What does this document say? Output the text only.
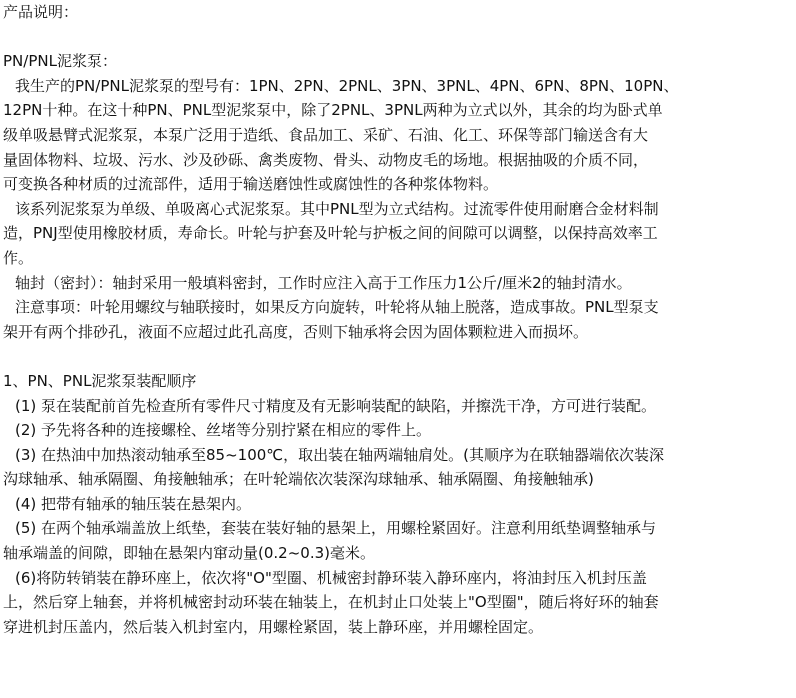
产品说明：
PN/PNL泥浆泵：
我生产的PN/PNL泥浆泵的型号有：1PN、2PN、2PNL、3PN、3PNL、4PN、6PN、8PN、10PN、
12PN十种。在这十种PN、PNL型泥浆泵中，除了2PNL、3PNL两种为立式以外，其余的均为卧式单
级单吸悬臂式泥浆泵，本泵广泛用于造纸、食品加工、采矿、石油、化工、环保等部门输送含有大
量固体物料、垃圾、污水、沙及砂砾、禽类废物、骨头、动物皮毛的场地。根据抽吸的介质不同，
可变换各种材质的过流部件，适用于输送磨蚀性或腐蚀性的各种浆体物料。
该系列泥浆泵为单级、单吸离心式泥浆泵。其中PNL型为立式结构。过流零件使用耐磨合金材料制
造，PNJ型使用橡胶材质，寿命长。叶轮与护套及叶轮与护板之间的间隙可以调整，以保持高效率工
作。
轴封（密封）：轴封采用一般填料密封，工作时应注入高于工作压力1公斤/厘米2的轴封清水。
注意事项：叶轮用螺纹与轴联接时，如果反方向旋转，叶轮将从轴上脱落，造成事故。PNL型泵支
架开有两个排砂孔，液面不应超过此孔高度，否则下轴承将会因为固体颗粒进入而损坏。
1、PN、PNL泥浆泵装配顺序
(1) 泵在装配前首先检查所有零件尺寸精度及有无影响装配的缺陷，并擦洗干净，方可进行装配。
(2) 予先将各种的连接螺栓、丝堵等分别拧紧在相应的零件上。
(3) 在热油中加热滚动轴承至85~100℃，取出装在轴两端轴肩处。(其顺序为在联轴器端依次装深
沟球轴承、轴承隔圈、角接触轴承；在叶轮端依次装深沟球轴承、轴承隔圈、角接触轴承)
(4) 把带有轴承的轴压装在悬架内。
(5) 在两个轴承端盖放上纸垫，套装在装好轴的悬架上，用螺栓紧固好。注意利用纸垫调整轴承与
轴承端盖的间隙，即轴在悬架内窜动量(0.2~0.3)毫米。
(6)将防转销装在静环座上，依次将"O"型圈、机械密封静环装入静环座内，将油封压入机封压盖
上，然后穿上轴套，并将机械密封动环装在轴装上，在机封止口处装上"O型圈"，随后将好环的轴套
穿进机封压盖内，然后装入机封室内，用螺栓紧固，装上静环座，并用螺栓固定。
